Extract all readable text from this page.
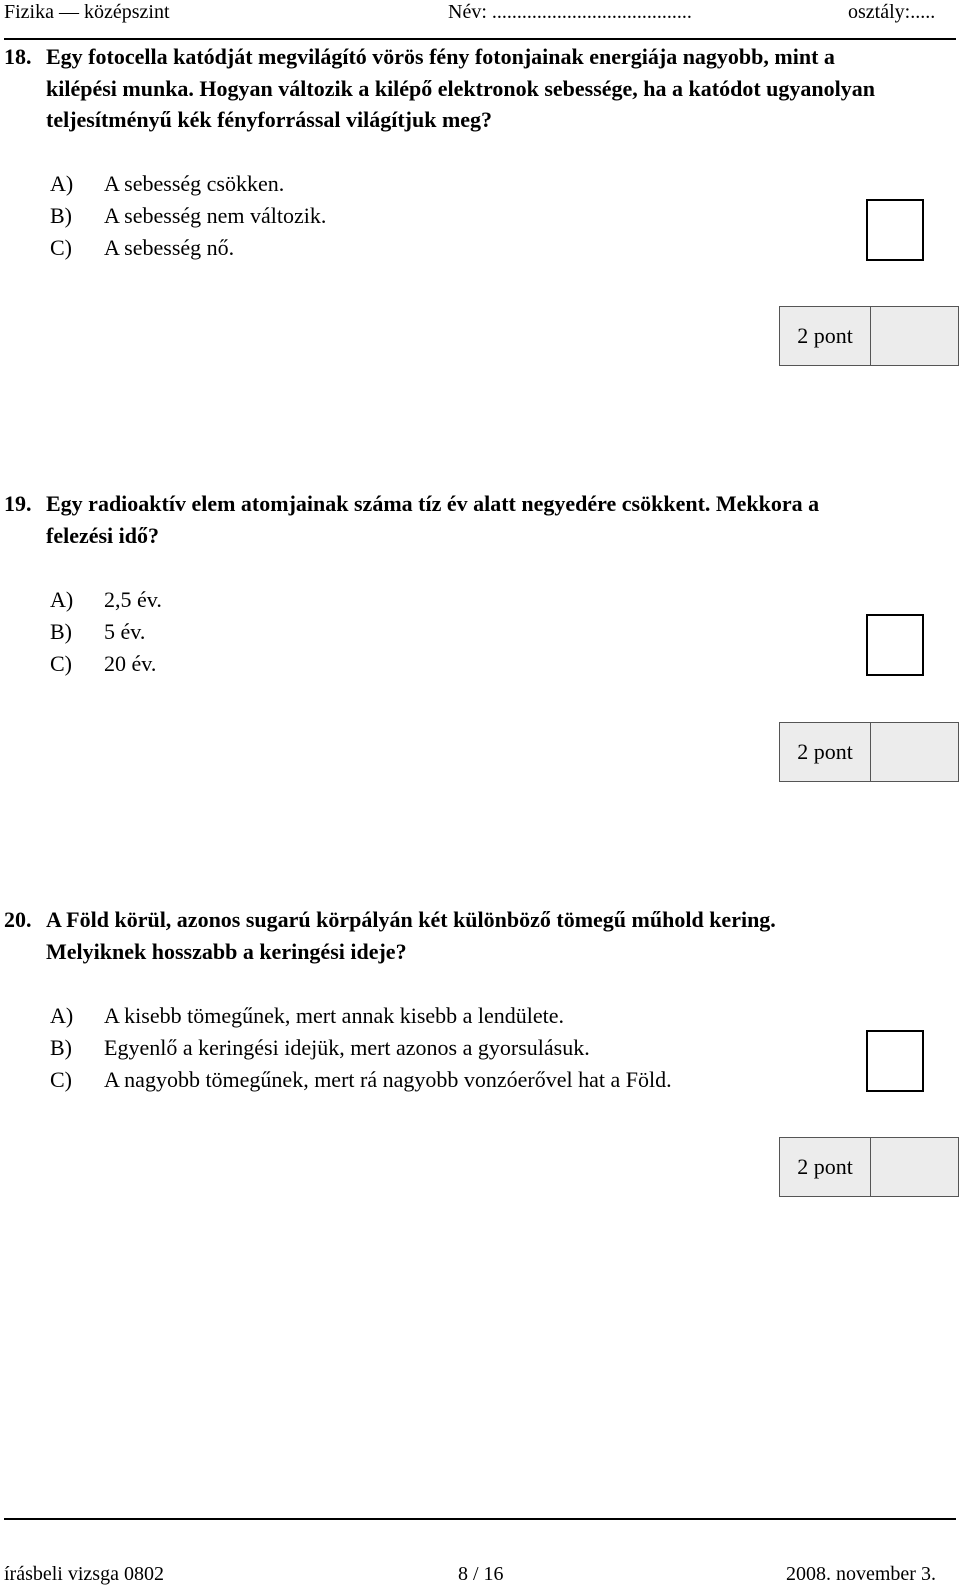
Fizika — középszint	Név: ........................................	osztály:.....
18. Egy fotocella katódját megvilágító vörös fény fotonjainak energiája nagyobb, mint a
kilépési munka. Hogyan változik a kilépő elektronok sebessége, ha a katódot ugyanolyan teljesítményű kék fényforrással világítjuk meg?
A) A sebesség csökken.
B) A sebesség nem változik.
C) A sebesség nő.
2 pont
19. Egy radioaktív elem atomjainak száma tíz év alatt negyedére csökkent. Mekkora a
felezési idő?
A) 2,5 év.
B) 5 év.
C) 20 év.
2 pont
20. A Föld körül, azonos sugarú körpályán két különböző tömegű műhold kering.
Melyiknek hosszabb a keringési ideje?
A) A kisebb tömegűnek, mert annak kisebb a lendülete.
B) Egyenlő a keringési idejük, mert azonos a gyorsulásuk.
C) A nagyobb tömegűnek, mert rá nagyobb vonzóerővel hat a Föld.
2 pont
írásbeli vizsga 0802	8 / 16	2008. november 3.
